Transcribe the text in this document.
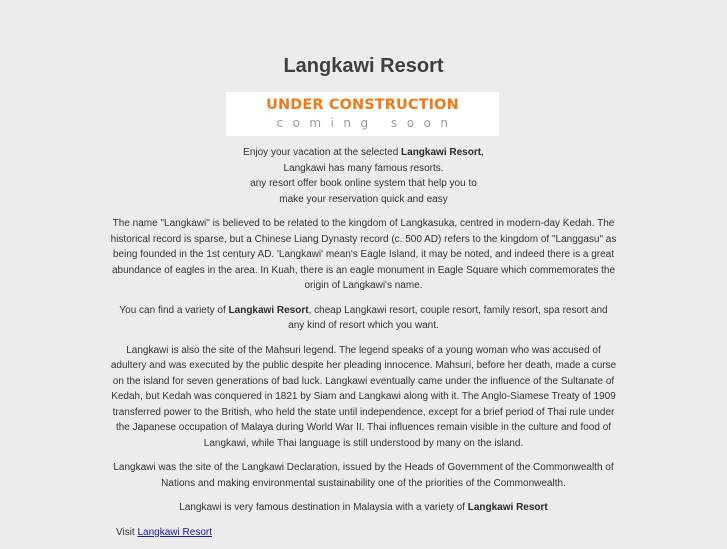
Langkawi Resort
UNDER CONSTRUCTION
coming soon

Enjoy your vacation at the selected Langkawi Resort,
Langkawi has many famous resorts.
any resort offer book online system that help you to
make your reservation quick and easy

The name "Langkawi" is believed to be related to the kingdom of Langkasuka, centred in modern-day Kedah. The historical record is sparse, but a Chinese Liang Dynasty record (c. 500 AD) refers to the kingdom of "Langgasu" as being founded in the 1st century AD. 'Langkawi' mean's Eagle Island, it may be noted, and indeed there is a great abundance of eagles in the area. In Kuah, there is an eagle monument in Eagle Square which commemorates the origin of Langkawi's name.

You can find a variety of Langkawi Resort, cheap Langkawi resort, couple resort, family resort, spa resort and any kind of resort which you want.

Langkawi is also the site of the Mahsuri legend. The legend speaks of a young woman who was accused of adultery and was executed by the public despite her pleading innocence. Mahsuri, before her death, made a curse on the island for seven generations of bad luck. Langkawi eventually came under the influence of the Sultanate of Kedah, but Kedah was conquered in 1821 by Siam and Langkawi along with it. The Anglo-Siamese Treaty of 1909 transferred power to the British, who held the state until independence, except for a brief period of Thai rule under the Japanese occupation of Malaya during World War II. Thai influences remain visible in the culture and food of Langkawi, while Thai language is still understood by many on the island.

Langkawi was the site of the Langkawi Declaration, issued by the Heads of Government of the Commonwealth of Nations and making environmental sustainability one of the priorities of the Commonwealth.

Langkawi is very famous destination in Malaysia with a variety of Langkawi Resort

Visit Langkawi Resort
